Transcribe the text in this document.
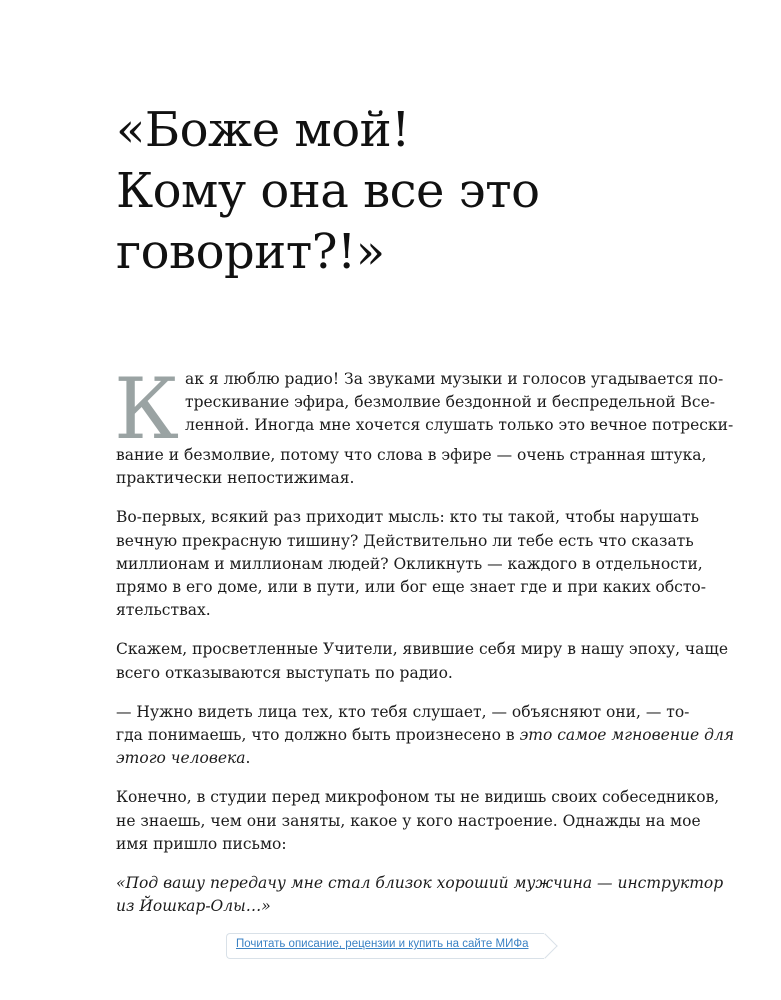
«Боже мой!
Кому она все это
говорит?!»
К ак я люблю радио! За звуками музыки и голосов угадывается по-
трескивание эфира, безмолвие бездонной и беспредельной Все-
ленной. Иногда мне хочется слушать только это вечное потрески-
вание и безмолвие, потому что слова в эфире — очень странная штука,
практически непостижимая.
Во-первых, всякий раз приходит мысль: кто ты такой, чтобы нарушать
вечную прекрасную тишину? Действительно ли тебе есть что сказать
миллионам и миллионам людей? Окликнуть — каждого в отдельности,
прямо в его доме, или в пути, или бог еще знает где и при каких обсто-
ятельствах.
Скажем, просветленные Учители, явившие себя миру в нашу эпоху, чаще
всего отказываются выступать по радио.
— Нужно видеть лица тех, кто тебя слушает, — объясняют они, — то-
гда понимаешь, что должно быть произнесено в это самое мгновение для
этого человека.
Конечно, в студии перед микрофоном ты не видишь своих собеседников,
не знаешь, чем они заняты, какое у кого настроение. Однажды на мое
имя пришло письмо:
«Под вашу передачу мне стал близок хороший мужчина — инструктор
из Йошкар-Олы…»
Почитать описание, рецензии и купить на сайте МИФа
